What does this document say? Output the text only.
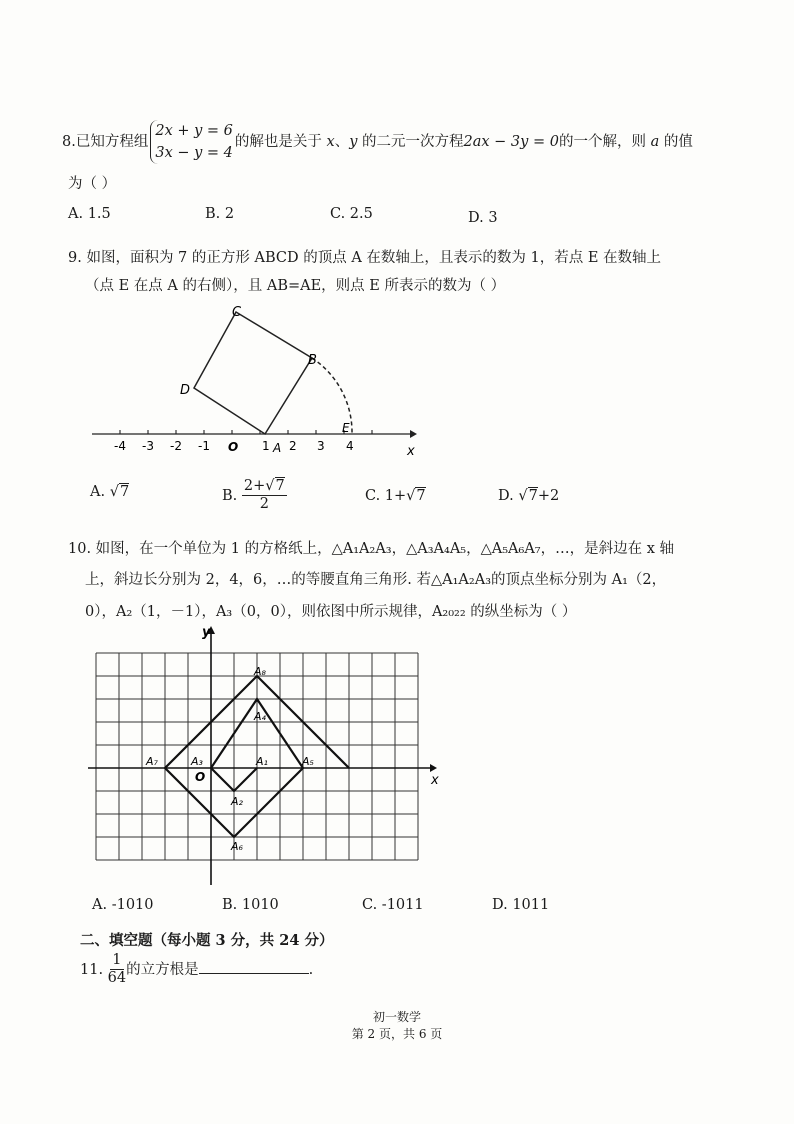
8.已知方程组2x + y = 6
3x − y = 4的解也是关于 x、y 的二元一次方程2ax − 3y = 0的一个解，则 a 的值
为（ ）
A. 1.5	B. 2	C. 2.5	D. 3
9. 如图，面积为 7 的正方形 ABCD 的顶点 A 在数轴上，且表示的数为 1，若点 E 在数轴上
（点 E 在点 A 的右侧），且 AB=AE，则点 E 所表示的数为（ ）
C
B
D
E
A
O	x
-4 -3 -2 -1	1 2 3 4
A. √7	B. $\frac{2+√7}{2}$	C. 1+√7	D. √7+2
10. 如图，在一个单位为 1 的方格纸上，△A₁A₂A₃，△A₃A₄A₅，△A₅A₆A₇，…，是斜边在 x 轴
上，斜边长分别为 2，4，6，…的等腰直角三角形. 若△A₁A₂A₃的顶点坐标分别为 A₁（2，
0），A₂（1，－1），A₃（0，0），则依图中所示规律，A₂₀₂₂ 的纵坐标为（ ）
y
x
O
A₁
A₂
A₃
A₄
A₅
A₆
A₇
A₈
A. -1010	B. 1010	C. -1011	D. 1011
二、填空题（每小题 3 分，共 24 分）
11. $\frac{1}{64}$ 的立方根是	.
初一数学
第 2 页，共 6 页
